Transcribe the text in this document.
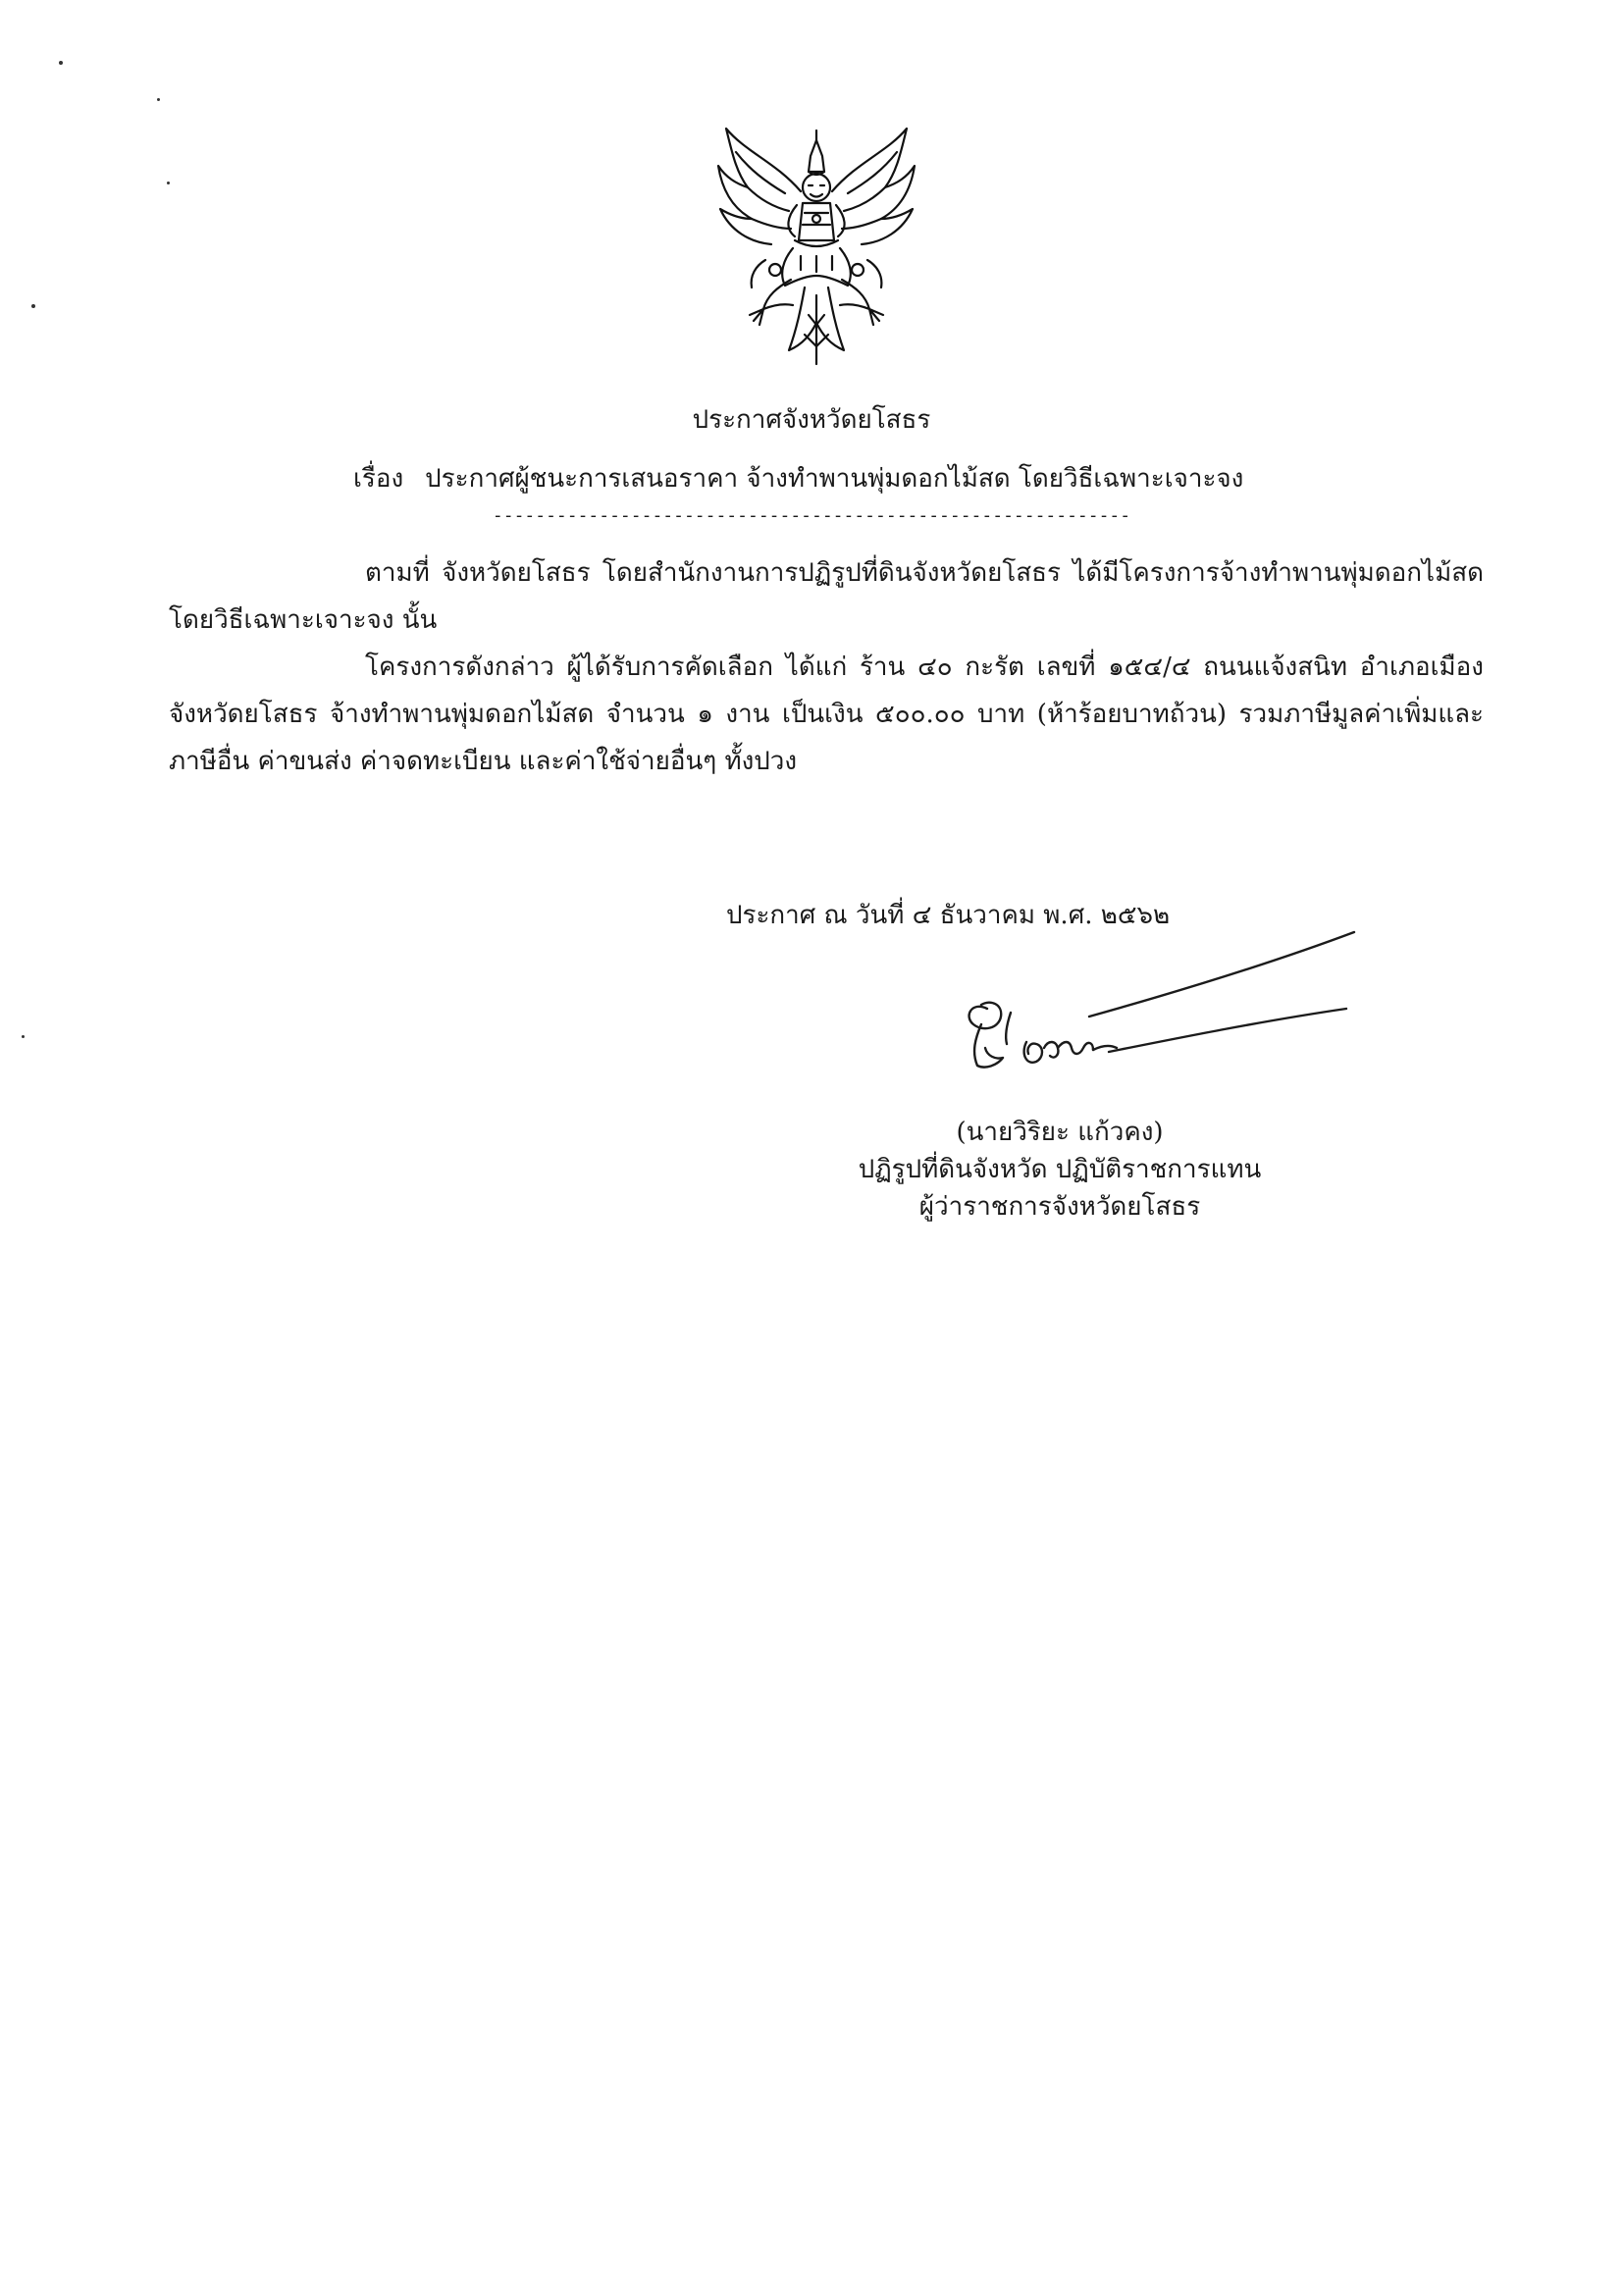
ประกาศจังหวัดยโสธร
เรื่อง ประกาศผู้ชนะการเสนอราคา จ้างทำพานพุ่มดอกไม้สด โดยวิธีเฉพาะเจาะจง
------------------------------------------------------------

ตามที่ จังหวัดยโสธร โดยสำนักงานการปฏิรูปที่ดินจังหวัดยโสธร ได้มีโครงการจ้างทำพานพุ่มดอกไม้สด โดยวิธีเฉพาะเจาะจง นั้น

โครงการดังกล่าว ผู้ได้รับการคัดเลือก ได้แก่ ร้าน ๔๐ กะรัต เลขที่ ๑๕๔/๔ ถนนแจ้งสนิท อำเภอเมือง จังหวัดยโสธร จ้างทำพานพุ่มดอกไม้สด จำนวน ๑ งาน เป็นเงิน ๕๐๐.๐๐ บาท (ห้าร้อยบาทถ้วน) รวมภาษีมูลค่าเพิ่มและภาษีอื่น ค่าขนส่ง ค่าจดทะเบียน และค่าใช้จ่ายอื่นๆ ทั้งปวง

ประกาศ ณ วันที่ ๔ ธันวาคม พ.ศ. ๒๕๖๒
(นายวิริยะ แก้วคง)
ปฏิรูปที่ดินจังหวัด ปฏิบัติราชการแทน
ผู้ว่าราชการจังหวัดยโสธร
